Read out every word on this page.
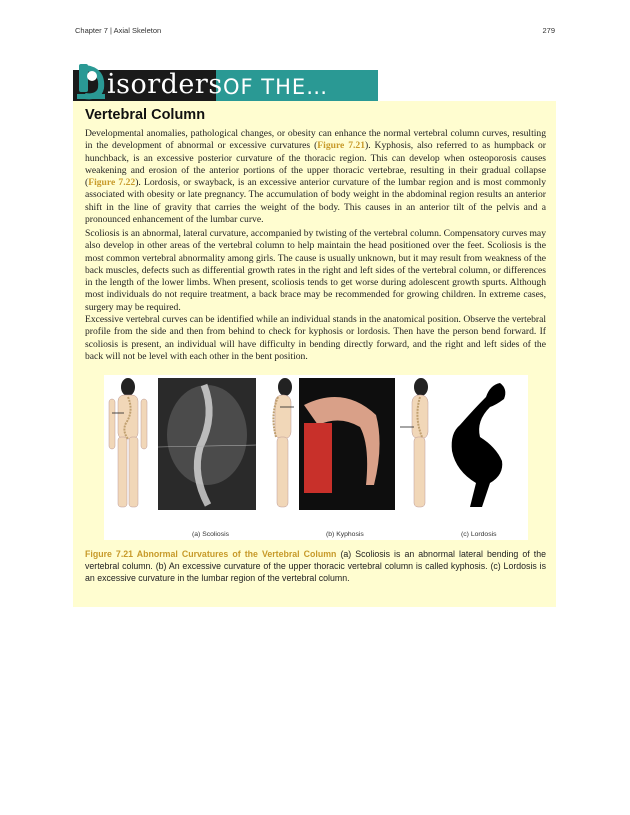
Chapter 7 | Axial Skeleton	279
isorders OF THE…
Vertebral Column

Developmental anomalies, pathological changes, or obesity can enhance the normal vertebral column curves, resulting in the development of abnormal or excessive curvatures (Figure 7.21). Kyphosis, also referred to as humpback or hunchback, is an excessive posterior curvature of the thoracic region. This can develop when osteoporosis causes weakening and erosion of the anterior portions of the upper thoracic vertebrae, resulting in their gradual collapse (Figure 7.22). Lordosis, or swayback, is an excessive anterior curvature of the lumbar region and is most commonly associated with obesity or late pregnancy. The accumulation of body weight in the abdominal region results an anterior shift in the line of gravity that carries the weight of the body. This causes in an anterior tilt of the pelvis and a pronounced enhancement of the lumbar curve.

Scoliosis is an abnormal, lateral curvature, accompanied by twisting of the vertebral column. Compensatory curves may also develop in other areas of the vertebral column to help maintain the head positioned over the feet. Scoliosis is the most common vertebral abnormality among girls. The cause is usually unknown, but it may result from weakness of the back muscles, defects such as differential growth rates in the right and left sides of the vertebral column, or differences in the length of the lower limbs. When present, scoliosis tends to get worse during adolescent growth spurts. Although most individuals do not require treatment, a back brace may be recommended for growing children. In extreme cases, surgery may be required.

Excessive vertebral curves can be identified while an individual stands in the anatomical position. Observe the vertebral profile from the side and then from behind to check for kyphosis or lordosis. Then have the person bend forward. If scoliosis is present, an individual will have difficulty in bending directly forward, and the right and left sides of the back will not be level with each other in the bent position.

(a) Scoliosis	(b) Kyphosis	(c) Lordosis

Figure 7.21 Abnormal Curvatures of the Vertebral Column (a) Scoliosis is an abnormal lateral bending of the vertebral column. (b) An excessive curvature of the upper thoracic vertebral column is called kyphosis. (c) Lordosis is an excessive curvature in the lumbar region of the vertebral column.
